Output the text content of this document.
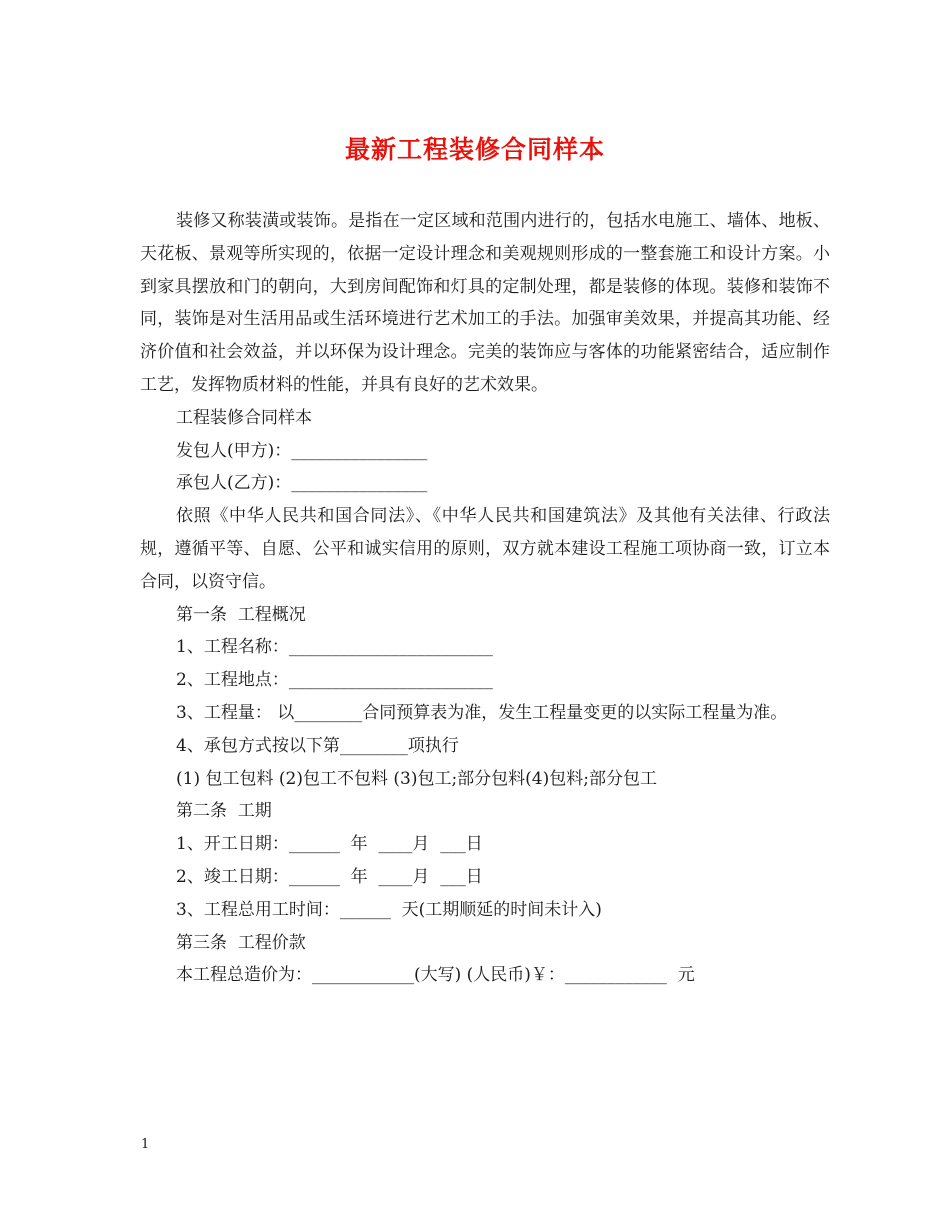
最新工程装修合同样本

装修又称装潢或装饰。是指在一定区域和范围内进行的，包括水电施工、墙体、地板、天花板、景观等所实现的，依据一定设计理念和美观规则形成的一整套施工和设计方案。小到家具摆放和门的朝向，大到房间配饰和灯具的定制处理，都是装修的体现。装修和装饰不同，装饰是对生活用品或生活环境进行艺术加工的手法。加强审美效果，并提高其功能、经济价值和社会效益，并以环保为设计理念。完美的装饰应与客体的功能紧密结合，适应制作工艺，发挥物质材料的性能，并具有良好的艺术效果。

工程装修合同样本

发包人(甲方)：________________

承包人(乙方)：________________

依照《中华人民共和国合同法》、《中华人民共和国建筑法》及其他有关法律、行政法规，遵循平等、自愿、公平和诚实信用的原则，双方就本建设工程施工项协商一致，订立本合同，以资守信。

第一条  工程概况

1、工程名称：________________________

2、工程地点：________________________

3、工程量： 以________合同预算表为准，发生工程量变更的以实际工程量为准。

4、承包方式按以下第________项执行

(1) 包工包料 (2)包工不包料 (3)包工;部分包料(4)包料;部分包工

第二条  工期

1、开工日期：______  年  ____月  ___日

2、竣工日期：______  年  ____月  ___日

3、工程总用工时间：______  天(工期顺延的时间未计入)

第三条  工程价款

本工程总造价为：____________(大写) (人民币)￥：____________  元

1
